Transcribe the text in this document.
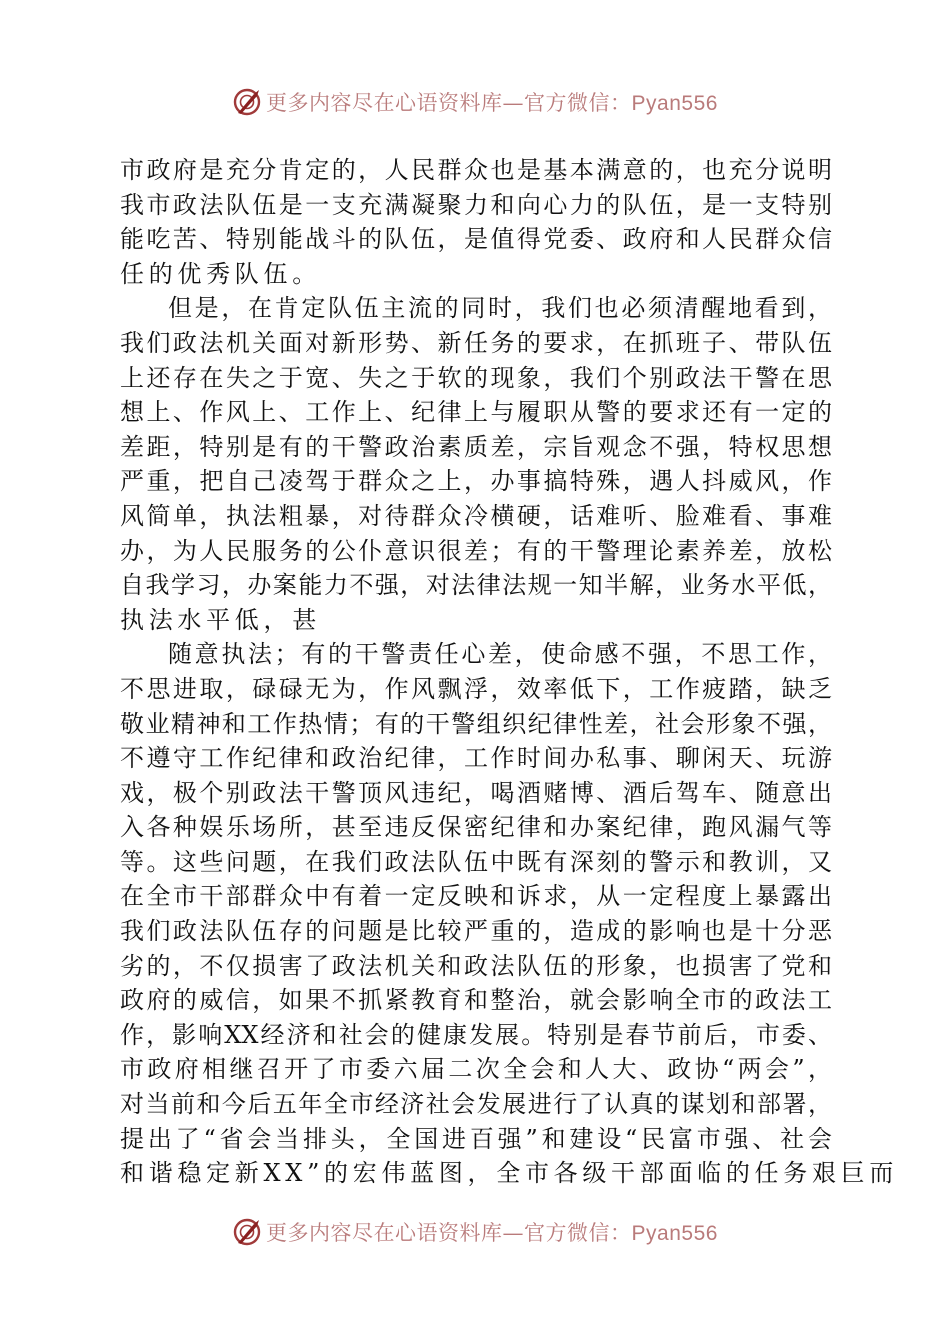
更多内容尽在心语资料库—官方微信：Pyan556
市政府是充分肯定的，人民群众也是基本满意的，也充分说明
我市政法队伍是一支充满凝聚力和向心力的队伍，是一支特别
能吃苦、特别能战斗的队伍，是值得党委、政府和人民群众信
任的优秀队伍。
但是，在肯定队伍主流的同时，我们也必须清醒地看到，
我们政法机关面对新形势、新任务的要求，在抓班子、带队伍
上还存在失之于宽、失之于软的现象，我们个别政法干警在思
想上、作风上、工作上、纪律上与履职从警的要求还有一定的
差距，特别是有的干警政治素质差，宗旨观念不强，特权思想
严重，把自己凌驾于群众之上，办事搞特殊，遇人抖威风，作
风简单，执法粗暴，对待群众冷横硬，话难听、脸难看、事难
办，为人民服务的公仆意识很差；有的干警理论素养差，放松
自我学习，办案能力不强，对法律法规一知半解，业务水平低，
执法水平低，甚
随意执法；有的干警责任心差，使命感不强，不思工作，
不思进取，碌碌无为，作风飘浮，效率低下，工作疲踏，缺乏
敬业精神和工作热情；有的干警组织纪律性差，社会形象不强，
不遵守工作纪律和政治纪律，工作时间办私事、聊闲天、玩游
戏，极个别政法干警顶风违纪，喝酒赌博、酒后驾车、随意出
入各种娱乐场所，甚至违反保密纪律和办案纪律，跑风漏气等
等。这些问题，在我们政法队伍中既有深刻的警示和教训，又
在全市干部群众中有着一定反映和诉求，从一定程度上暴露出
我们政法队伍存的问题是比较严重的，造成的影响也是十分恶
劣的，不仅损害了政法机关和政法队伍的形象，也损害了党和
政府的威信，如果不抓紧教育和整治，就会影响全市的政法工
作，影响XX经济和社会的健康发展。特别是春节前后，市委、
市政府相继召开了市委六届二次全会和人大、政协“两会”，
对当前和今后五年全市经济社会发展进行了认真的谋划和部署，
提出了“省会当排头，全国进百强”和建设“民富市强、社会
和谐稳定新XX”的宏伟蓝图，全市各级干部面临的任务艰巨而
更多内容尽在心语资料库—官方微信：Pyan556
